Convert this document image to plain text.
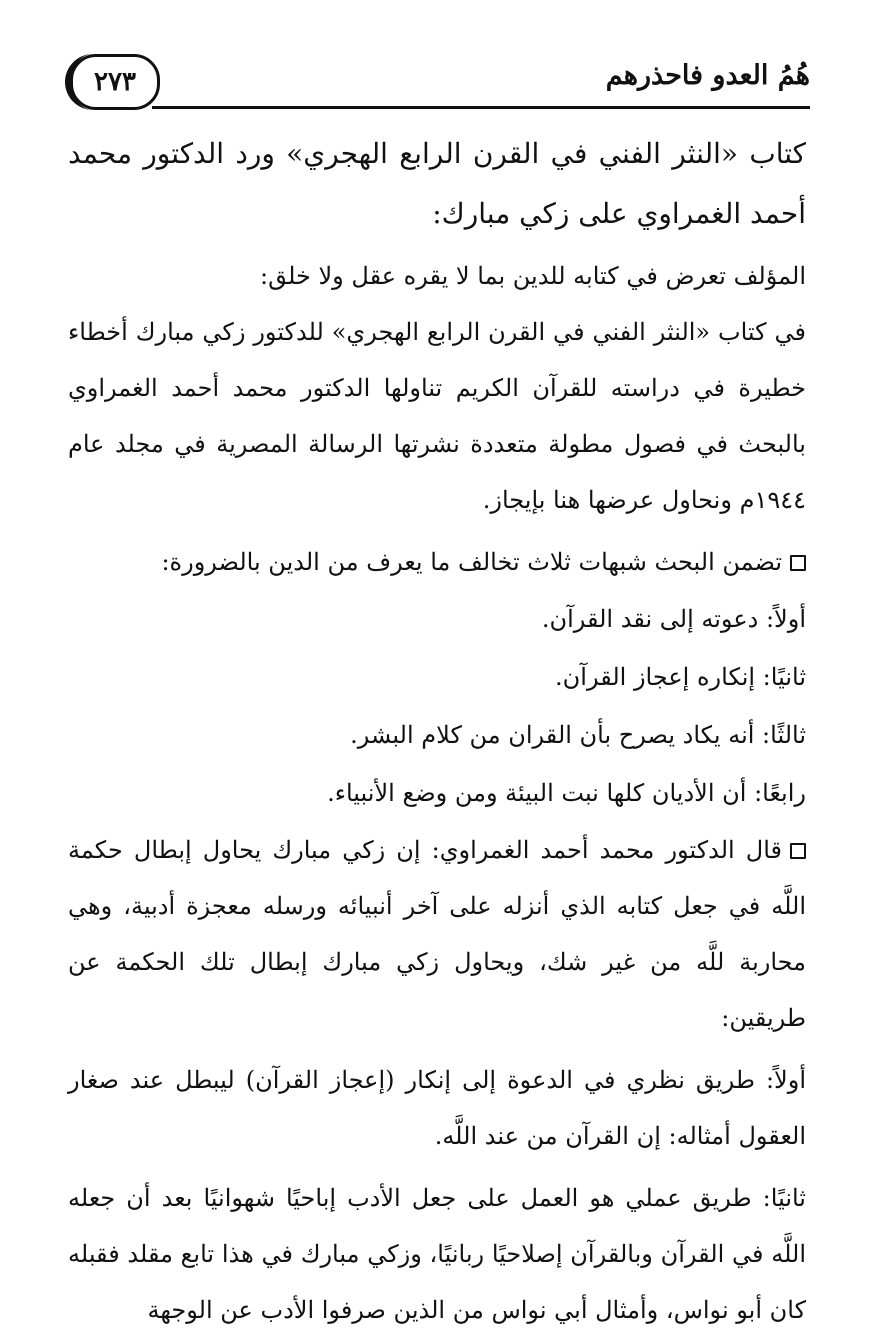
٢٧٣	هُمُ العدو فاحذرهم

كتاب «النثر الفني في القرن الرابع الهجري» ورد الدكتور محمد أحمد الغمراوي على زكي مبارك:

المؤلف تعرض في كتابه للدين بما لا يقره عقل ولا خلق:

في كتاب «النثر الفني في القرن الرابع الهجري» للدكتور زكي مبارك أخطاء خطيرة في دراسته للقرآن الكريم تناولها الدكتور محمد أحمد الغمراوي بالبحث في فصول مطولة متعددة نشرتها الرسالة المصرية في مجلد عام ١٩٤٤م ونحاول عرضها هنا بإيجاز.

تضمن البحث شبهات ثلاث تخالف ما يعرف من الدين بالضرورة:

أولاً: دعوته إلى نقد القرآن.

ثانيًا: إنكاره إعجاز القرآن.

ثالثًا: أنه يكاد يصرح بأن القران من كلام البشر.

رابعًا: أن الأديان كلها نبت البيئة ومن وضع الأنبياء.

قال الدكتور محمد أحمد الغمراوي: إن زكي مبارك يحاول إبطال حكمة اللَّه في جعل كتابه الذي أنزله على آخر أنبيائه ورسله معجزة أدبية، وهي محاربة للَّه من غير شك، ويحاول زكي مبارك إبطال تلك الحكمة عن طريقين:

أولاً: طريق نظري في الدعوة إلى إنكار (إعجاز القرآن) ليبطل عند صغار العقول أمثاله: إن القرآن من عند اللَّه.

ثانيًا: طريق عملي هو العمل على جعل الأدب إباحيًا شهوانيًا بعد أن جعله اللَّه في القرآن وبالقرآن إصلاحيًا ربانيًا، وزكي مبارك في هذا تابع مقلد فقبله كان أبو نواس، وأمثال أبي نواس من الذين صرفوا الأدب عن الوجهة
